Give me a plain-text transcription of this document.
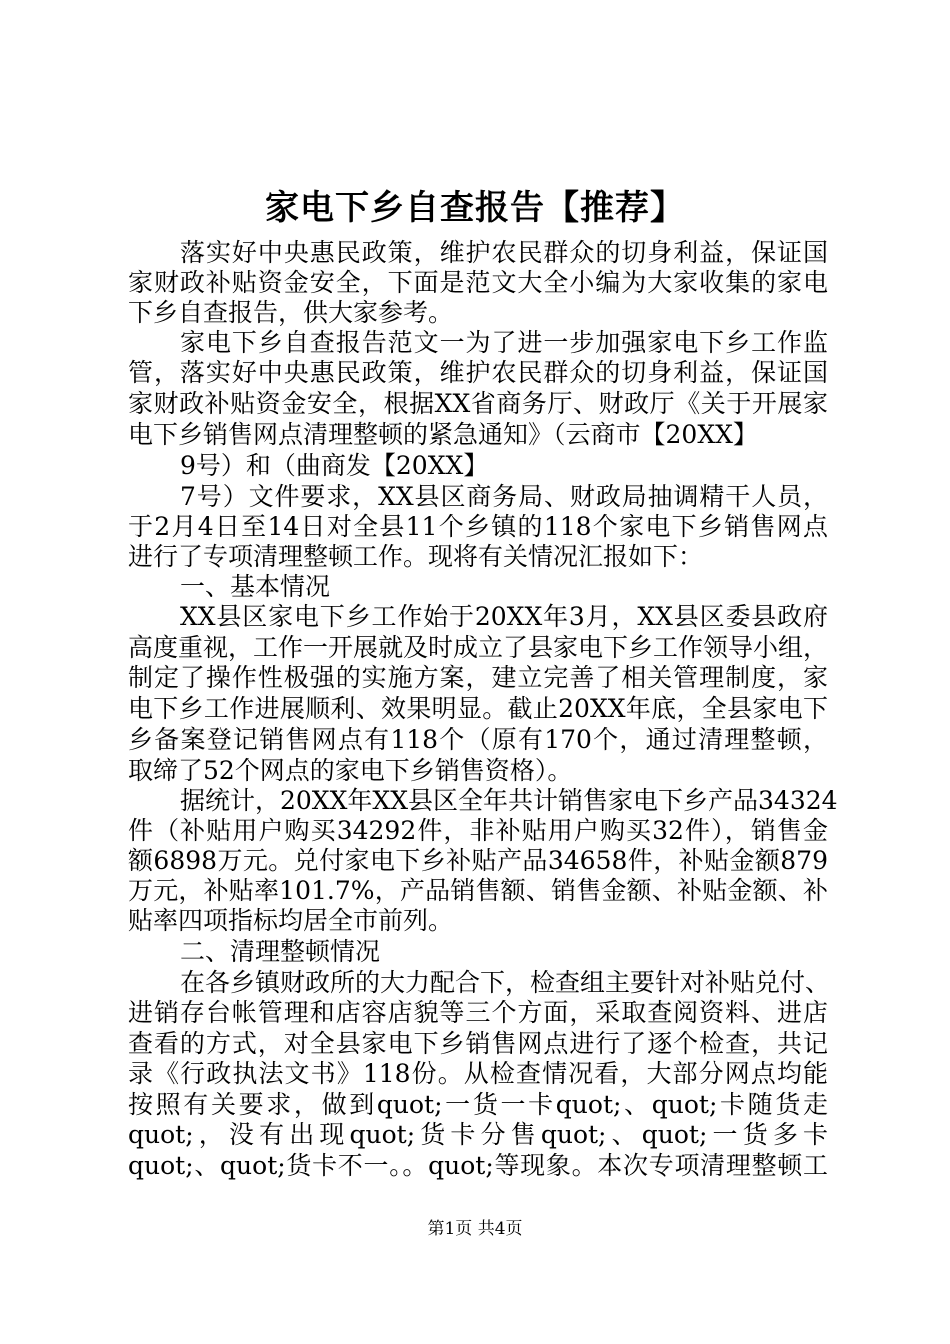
家电下乡自查报告【推荐】
落实好中央惠民政策，维护农民群众的切身利益，保证国
家财政补贴资金安全，下面是范文大全小编为大家收集的家电
下乡自查报告，供大家参考。
家电下乡自查报告范文一为了进一步加强家电下乡工作监
管，落实好中央惠民政策，维护农民群众的切身利益，保证国
家财政补贴资金安全，根据XX省商务厅、财政厅《关于开展家
电下乡销售网点清理整顿的紧急通知》（云商市【20XX】
9号）和（曲商发【20XX】
7号）文件要求，XX县区商务局、财政局抽调精干人员，
于2月4日至14日对全县11个乡镇的118个家电下乡销售网点
进行了专项清理整顿工作。现将有关情况汇报如下：
一、基本情况
XX县区家电下乡工作始于20XX年3月，XX县区委县政府
高度重视，工作一开展就及时成立了县家电下乡工作领导小组，
制定了操作性极强的实施方案，建立完善了相关管理制度，家
电下乡工作进展顺利、效果明显。截止20XX年底，全县家电下
乡备案登记销售网点有118个（原有170个，通过清理整顿，
取缔了52个网点的家电下乡销售资格）。
据统计，20XX年XX县区全年共计销售家电下乡产品34324
件（补贴用户购买34292件，非补贴用户购买32件），销售金
额6898万元。兑付家电下乡补贴产品34658件，补贴金额879
万元，补贴率101.7%，产品销售额、销售金额、补贴金额、补
贴率四项指标均居全市前列。
二、清理整顿情况
在各乡镇财政所的大力配合下，检查组主要针对补贴兑付、
进销存台帐管理和店容店貌等三个方面，采取查阅资料、进店
查看的方式，对全县家电下乡销售网点进行了逐个检查，共记
录《行政执法文书》118份。从检查情况看，大部分网点均能
按照有关要求，做到quot;一货一卡quot;、quot;卡随货走
quot;，没有出现quot;货卡分售quot;、quot;一货多卡
quot;、quot;货卡不一。。quot;等现象。本次专项清理整顿工
第1页 共4页
